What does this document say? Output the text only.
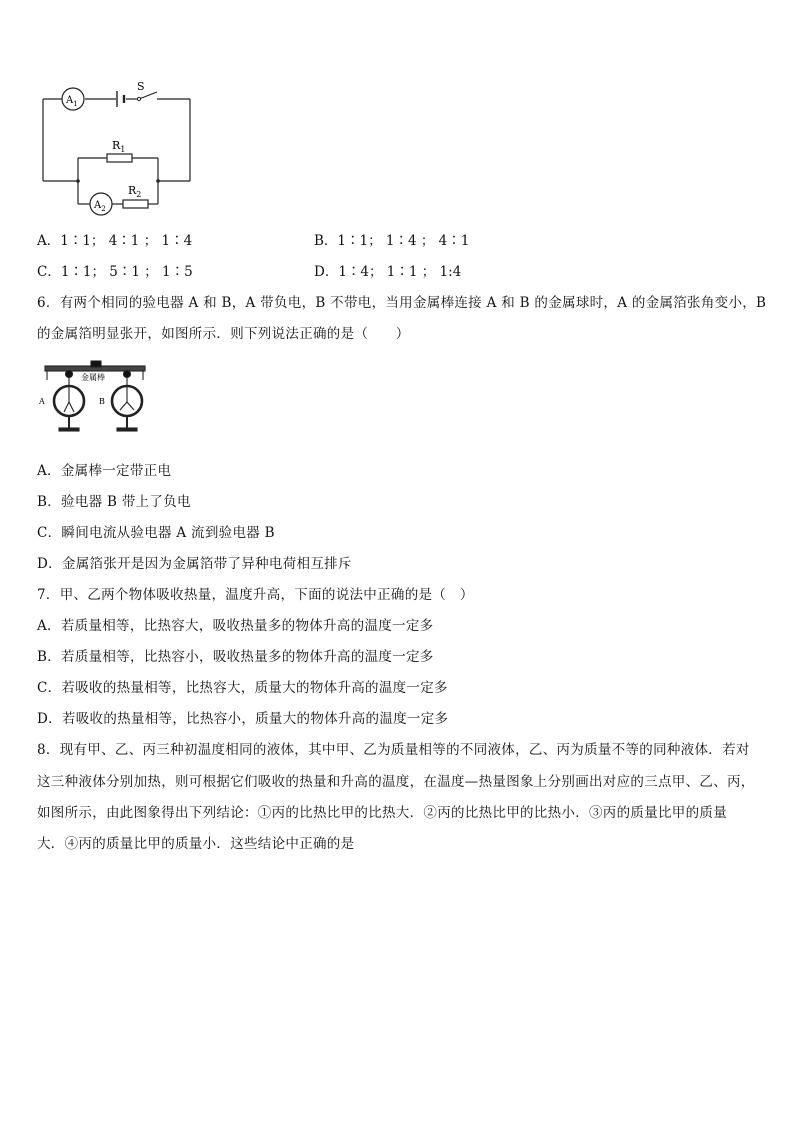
$A_1$
$A_2$
S
$R_1$
$R_2$
A．1∶1； 4∶1 ； 1∶4	B．1∶1； 1∶4 ； 4∶1
C．1∶1； 5∶1 ； 1∶5	D．1∶4； 1∶1 ； 1:4
6．有两个相同的验电器 A 和 B，A 带负电，B 不带电，当用金属棒连接 A 和 B 的金属球时，A 的金属箔张角变小，B
的金属箔明显张开，如图所示．则下列说法正确的是（　　）
金属棒
A	B
A．金属棒一定带正电
B．验电器 B 带上了负电
C．瞬间电流从验电器 A 流到验电器 B
D．金属箔张开是因为金属箔带了异种电荷相互排斥
7．甲、乙两个物体吸收热量，温度升高，下面的说法中正确的是（　）
A．若质量相等，比热容大，吸收热量多的物体升高的温度一定多
B．若质量相等，比热容小，吸收热量多的物体升高的温度一定多
C．若吸收的热量相等，比热容大，质量大的物体升高的温度一定多
D．若吸收的热量相等，比热容小，质量大的物体升高的温度一定多
8．现有甲、乙、丙三种初温度相同的液体，其中甲、乙为质量相等的不同液体，乙、丙为质量不等的同种液体．若对
这三种液体分别加热，则可根据它们吸收的热量和升高的温度，在温度—热量图象上分别画出对应的三点甲、乙、丙，
如图所示，由此图象得出下列结论：①丙的比热比甲的比热大．②丙的比热比甲的比热小．③丙的质量比甲的质量
大．④丙的质量比甲的质量小．这些结论中正确的是
